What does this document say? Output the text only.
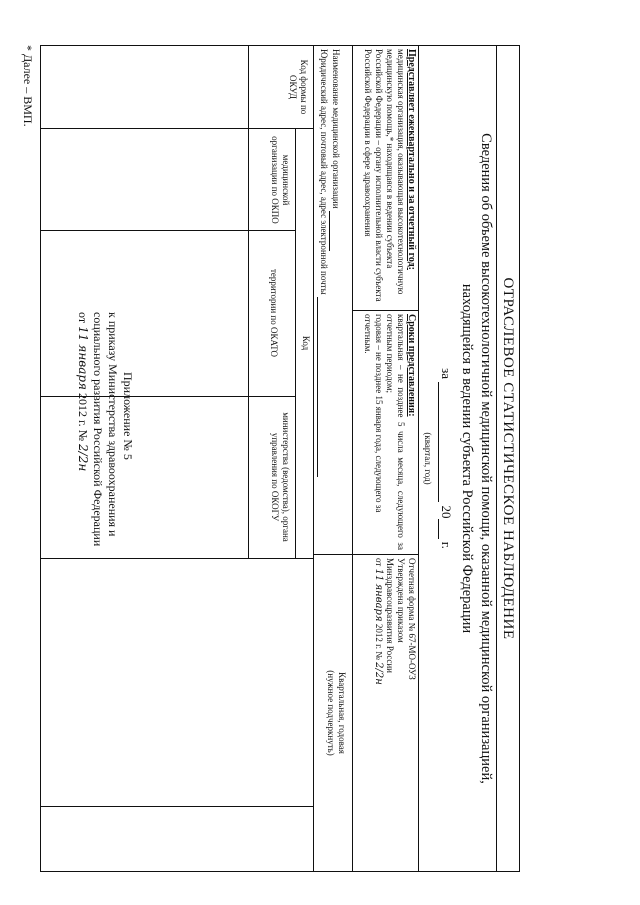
Приложение № 5
к приказу Министерства здравоохранения и
социального развития Российской Федерации
от 11 января 2012 г. № 2/2н	ОТРАСЛЕВОЕ СТАТИСТИЧЕСКОЕ НАБЛЮДЕНИЕ
Сведения об объеме высокотехнологичной медицинской помощи, оказанной медицинской организацией,
находящейся в ведении субъекта Российской Федерации
за   20  г.
(квартал, год)
Представляет ежеквартально и за отчетный год:
медицинская организация, оказывающая высокотехнологичную медицинскую помощь,* находящаяся в ведении субъекта
Российской Федерации – органу исполнительной власти субъекта Российской Федерации в сфере здравоохранения
Сроки представления:
квартальная – не позднее 5 числа месяца, следующего за отчетным периодом;
годовая – не позднее 15 января года, следующего за отчетным.
Отчетная форма № 67-МО-ОУЗ
Утверждена приказом
Минздравсоцразвития России
от 11 января 2012 г. № 2/2н
Квартальная, годовая
(нужное подчеркнуть)
Наименование медицинской организации
Юридический адрес, почтовый адрес, адрес электронной почты
Код формы по ОКУД
Код
медицинской организации по ОКПО
территории по ОКАТО
министерства (ведомства), органа управления по ОКОГУ
* Далее – ВМП.
